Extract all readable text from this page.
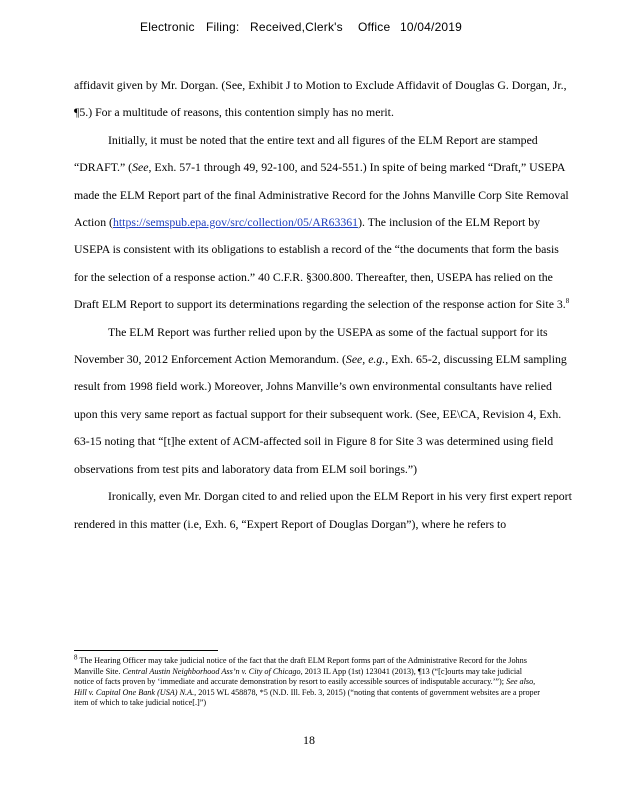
Electronic Filing: Received,Clerk's Office 10/04/2019

affidavit given by Mr. Dorgan. (See, Exhibit J to Motion to Exclude Affidavit of Douglas G. Dorgan, Jr., ¶5.) For a multitude of reasons, this contention simply has no merit.

Initially, it must be noted that the entire text and all figures of the ELM Report are stamped “DRAFT.” (See, Exh. 57-1 through 49, 92-100, and 524-551.) In spite of being marked “Draft,” USEPA made the ELM Report part of the final Administrative Record for the Johns Manville Corp Site Removal Action (https://semspub.epa.gov/src/collection/05/AR63361). The inclusion of the ELM Report by USEPA is consistent with its obligations to establish a record of the “the documents that form the basis for the selection of a response action.” 40 C.F.R. §300.800. Thereafter, then, USEPA has relied on the Draft ELM Report to support its determinations regarding the selection of the response action for Site 3.$^8$

The ELM Report was further relied upon by the USEPA as some of the factual support for its November 30, 2012 Enforcement Action Memorandum. (See, e.g., Exh. 65-2, discussing ELM sampling result from 1998 field work.) Moreover, Johns Manville’s own environmental consultants have relied upon this very same report as factual support for their subsequent work. (See, EE\CA, Revision 4, Exh. 63-15 noting that “[t]he extent of ACM-affected soil in Figure 8 for Site 3 was determined using field observations from test pits and laboratory data from ELM soil borings.”)

Ironically, even Mr. Dorgan cited to and relied upon the ELM Report in his very first expert report rendered in this matter (i.e, Exh. 6, “Expert Report of Douglas Dorgan”), where he refers to

$^8$ The Hearing Officer may take judicial notice of the fact that the draft ELM Report forms part of the Administrative Record for the Johns Manville Site. Central Austin Neighborhood Ass’n v. City of Chicago, 2013 IL App (1st) 123041 (2013), ¶13 (“[c]ourts may take judicial notice of facts proven by ‘immediate and accurate demonstration by resort to easily accessible sources of indisputable accuracy.’”); See also, Hill v. Capital One Bank (USA) N.A., 2015 WL 458878, *5 (N.D. Ill. Feb. 3, 2015) (“noting that contents of government websites are a proper item of which to take judicial notice[.]”)
18
